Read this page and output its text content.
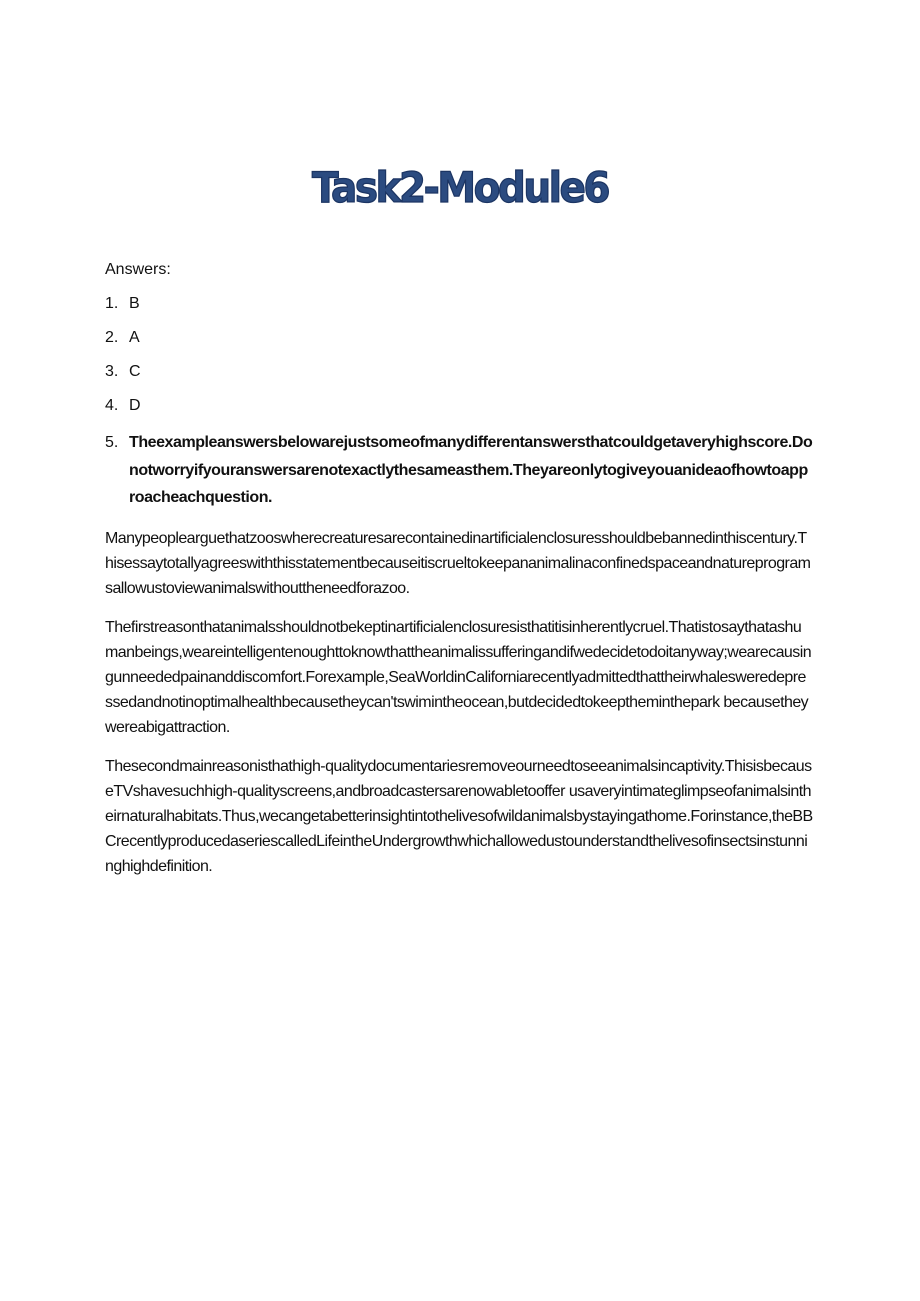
Task2-Module6
Answers:
1. B
2. A
3. C
4. D
5. Theexampleanswersbelowarejustsomeofmanydifferentanswersthatcouldgetaveryhighscore.Donotworryifyouranswersarenotexactlythesameasthem.Theyareonlytogiveyouanideaofhowtoapproacheachquestion.

Manypeoplearguethatzooswherecreaturesarecontainedinartificialenclosuresshouldbebannedinthiscentury.Thisessaytotallyagreeswiththisstatementbecauseitiscrueltokeepananimalinaconfinedspaceandnatureprogramsallowustoviewanimalswithouttheneedforazoo.

Thefirstreasonthatanimalsshouldnotbekeptinartificialenclosuresisthatitisinherentlycruel.Thatistosaythatashumanbeings,weareintelligentenoughttoknowthattheanimalissufferingandifwedecidetodoitanyway;wearecausingunneededpainanddiscomfort.Forexample,SeaWorldinCaliforniarecentlyadmittedthattheirwhalesweredepressedandnotinoptimalhealthbecausetheycan'tswimintheocean,butdecidedtokeeptheminthepark becausetheywereabigattraction.

Thesecondmainreasonisthathigh-qualitydocumentariesremoveourneedtoseeanimalsincaptivity.ThisisbecauseTVshavesuchhigh-qualityscreens,andbroadcastersarenowabletooffer usaveryintimateglimpseofanimalsintheirnaturalhabitats.Thus,wecangetabetterinsightintothelivesofwildanimalsbystayingathome.Forinstance,theBBCrecentlyproducedaseriescalledLifeintheUndergrowthwhichallowedustounderstandthelivesofinsectsinstunninghighdefinition.
